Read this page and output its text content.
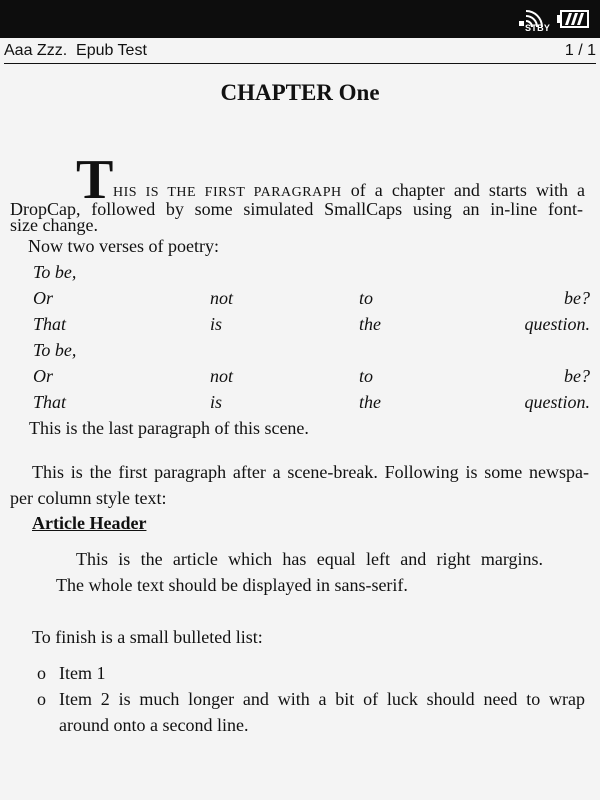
STBY
Aaa Zzz.  Epub Test	1 / 1
CHAPTER One
T HIS IS THE FIRST PARAGRAPH of a chapter and starts with a
DropCap, followed by some simulated SmallCaps using an in-line font-
size change.
Now two verses of poetry:
To be,
Or	not	to	be?
That	is	the	question.
To be,
Or	not	to	be?
That	is	the	question.
This is the last paragraph of this scene.
This is the first paragraph after a scene-break. Following is some newspa-
per column style text:
Article Header
This is the article which has equal left and right margins.
The whole text should be displayed in sans-serif.
To finish is a small bulleted list:
o Item 1
o Item 2 is much longer and with a bit of luck should need to wrap
around onto a second line.
